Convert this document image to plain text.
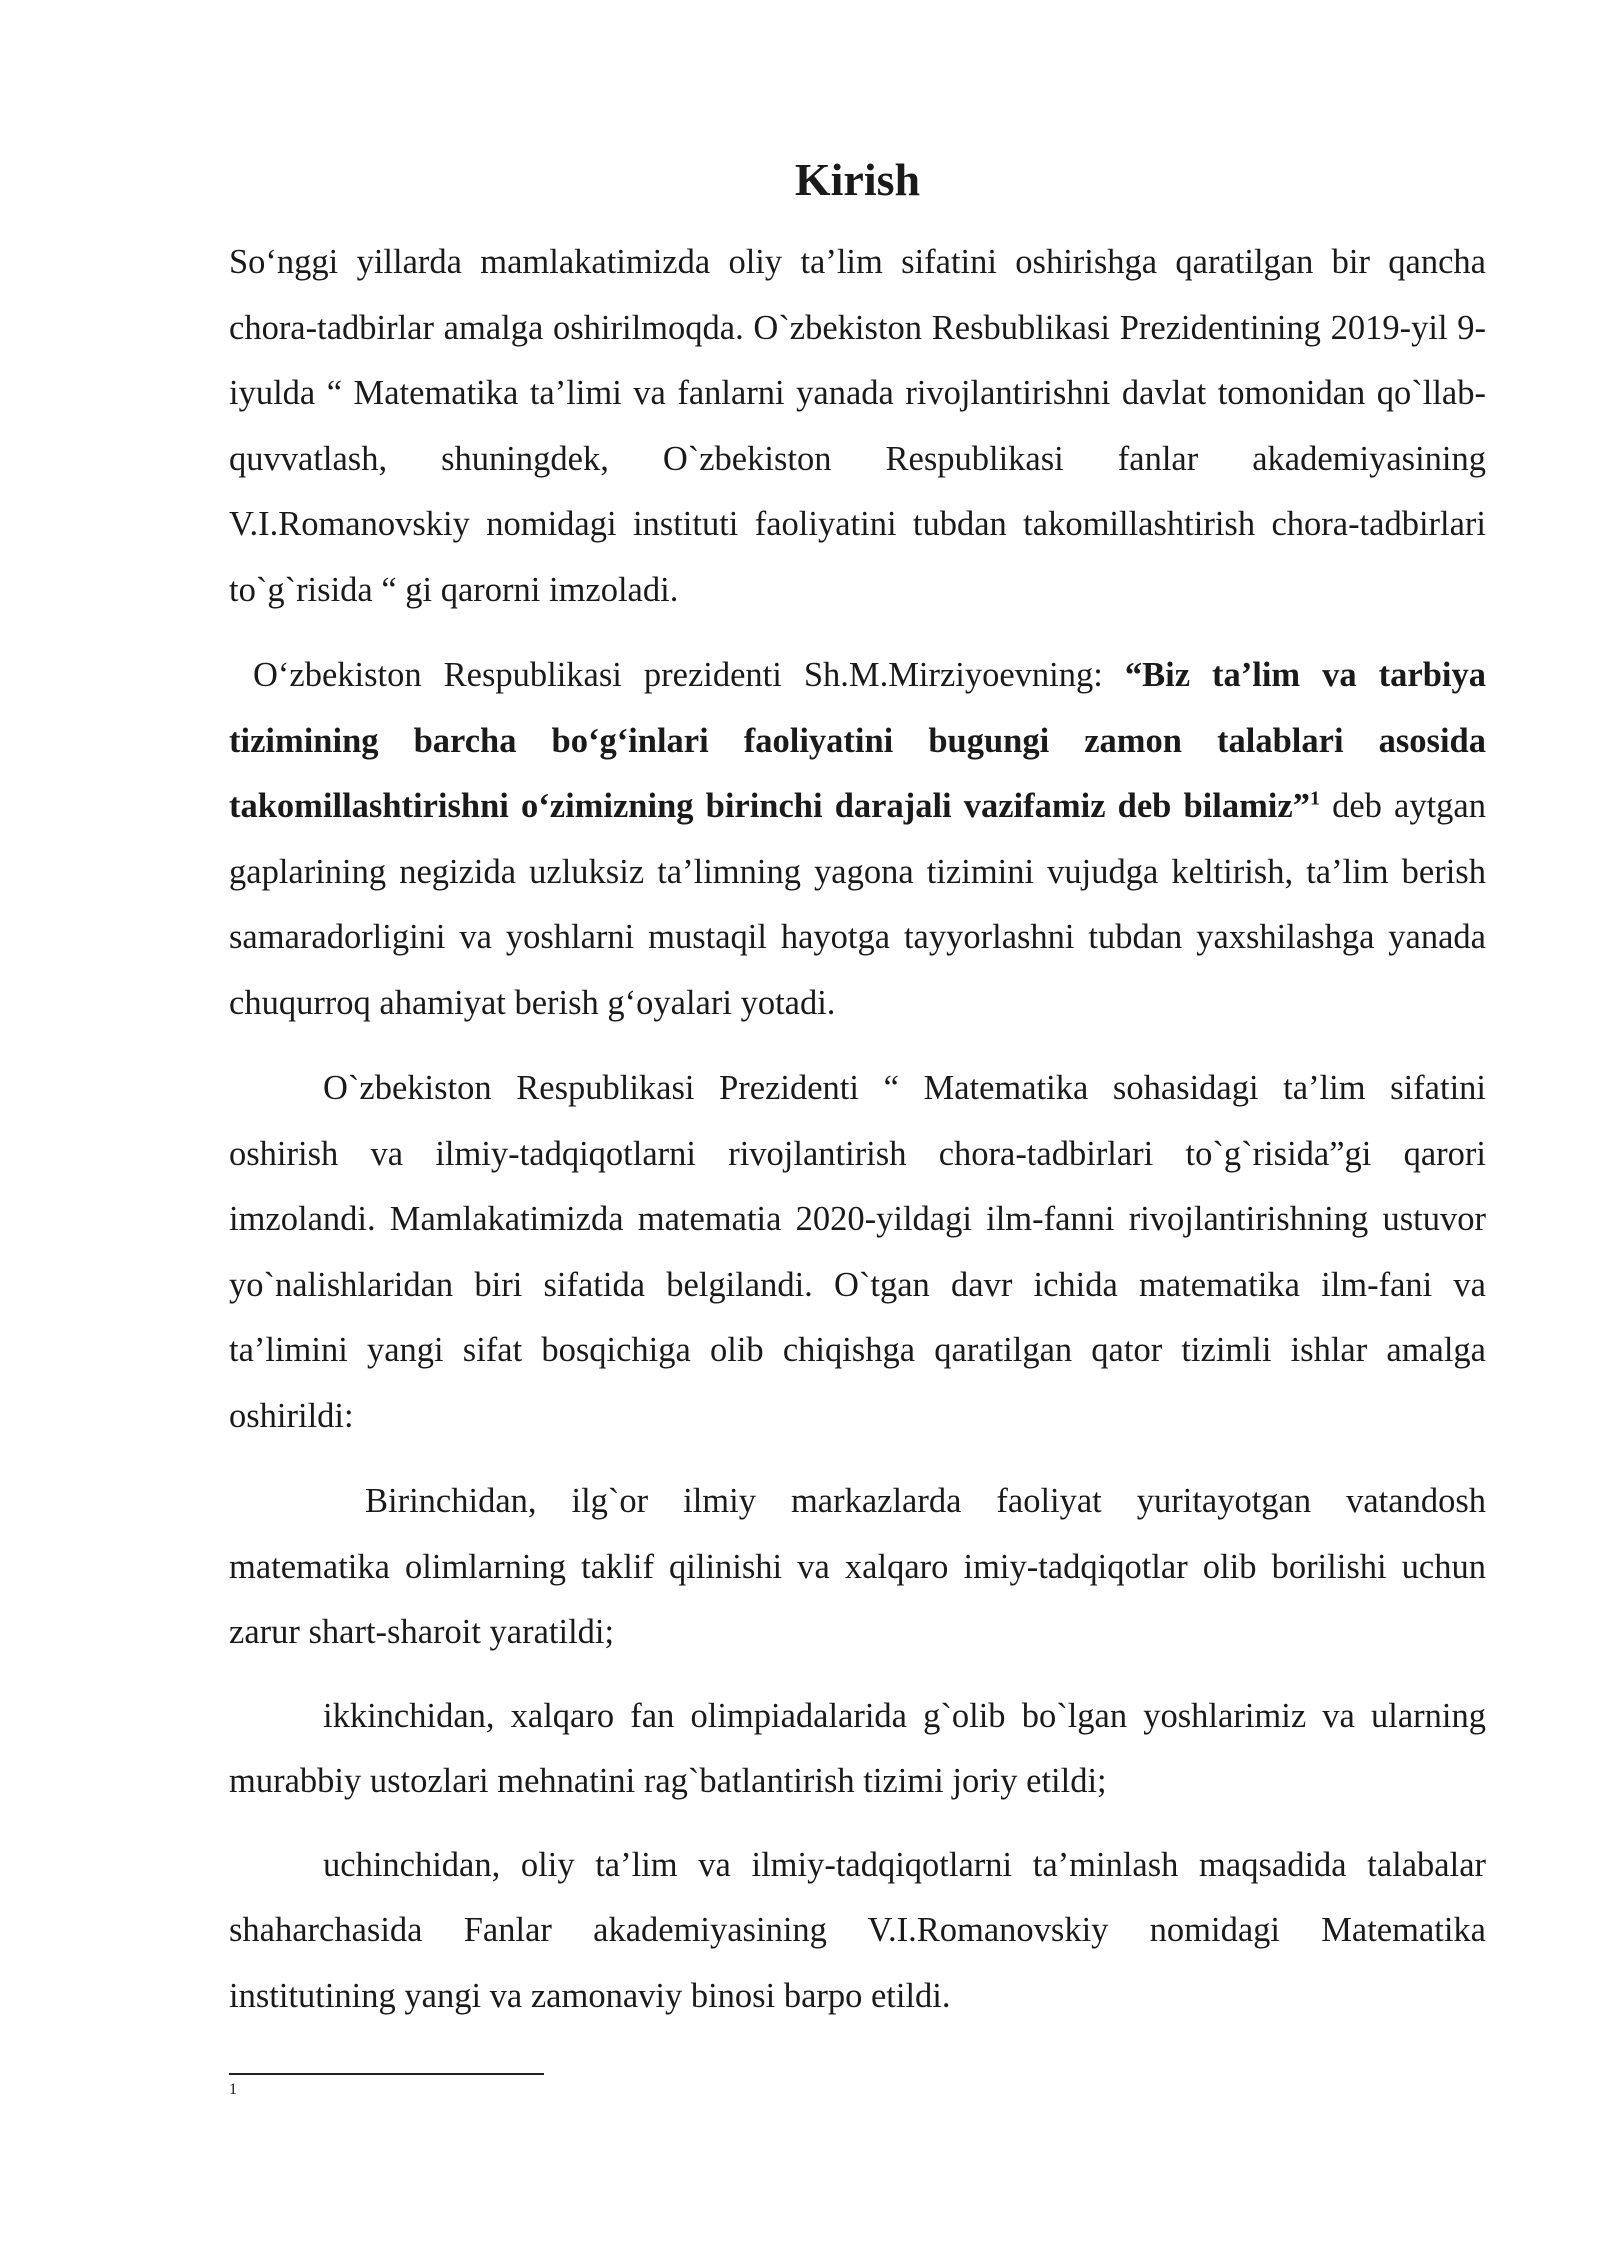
Kirish

So‘nggi yillarda mamlakatimizda oliy ta’lim sifatini oshirishga qaratilgan bir qancha chora-tadbirlar amalga oshirilmoqda. O`zbekiston Resbublikasi Prezidentining 2019-yil 9-iyulda “ Matematika ta’limi va fanlarni yanada rivojlantirishni davlat tomonidan qo`llab-quvvatlash, shuningdek, O`zbekiston Respublikasi fanlar akademiyasining V.I.Romanovskiy nomidagi instituti faoliyatini tubdan takomillashtirish chora-tadbirlari to`g`risida “ gi qarorni imzoladi.

O‘zbekiston Respublikasi prezidenti Sh.M.Mirziyoevning: “Biz ta’lim va tarbiya tizimining barcha bo‘g‘inlari faoliyatini bugungi zamon talablari asosida takomillashtirishni o‘zimizning birinchi darajali vazifamiz deb bilamiz”$^1$ deb aytgan gaplarining negizida uzluksiz ta’limning yagona tizimini vujudga keltirish, ta’lim berish samaradorligini va yoshlarni mustaqil hayotga tayyorlashni tubdan yaxshilashga yanada chuqurroq ahamiyat berish g‘oyalari yotadi.

O`zbekiston Respublikasi Prezidenti “ Matematika sohasidagi ta’lim sifatini oshirish va ilmiy-tadqiqotlarni rivojlantirish chora-tadbirlari to`g`risida”gi qarori imzolandi. Mamlakatimizda matematia 2020-yildagi ilm-fanni rivojlantirishning ustuvor yo`nalishlaridan biri sifatida belgilandi. O`tgan davr ichida matematika ilm-fani va ta’limini yangi sifat bosqichiga olib chiqishga qaratilgan qator tizimli ishlar amalga oshirildi:

Birinchidan, ilg`or ilmiy markazlarda faoliyat yuritayotgan vatandosh matematika olimlarning taklif qilinishi va xalqaro imiy-tadqiqotlar olib borilishi uchun zarur shart-sharoit yaratildi;

ikkinchidan, xalqaro fan olimpiadalarida g`olib bo`lgan yoshlarimiz va ularning murabbiy ustozlari mehnatini rag`batlantirish tizimi joriy etildi;

uchinchidan, oliy ta’lim va ilmiy-tadqiqotlarni ta’minlash maqsadida talabalar shaharchasida Fanlar akademiyasining V.I.Romanovskiy nomidagi Matematika institutining yangi va zamonaviy binosi barpo etildi.

1
